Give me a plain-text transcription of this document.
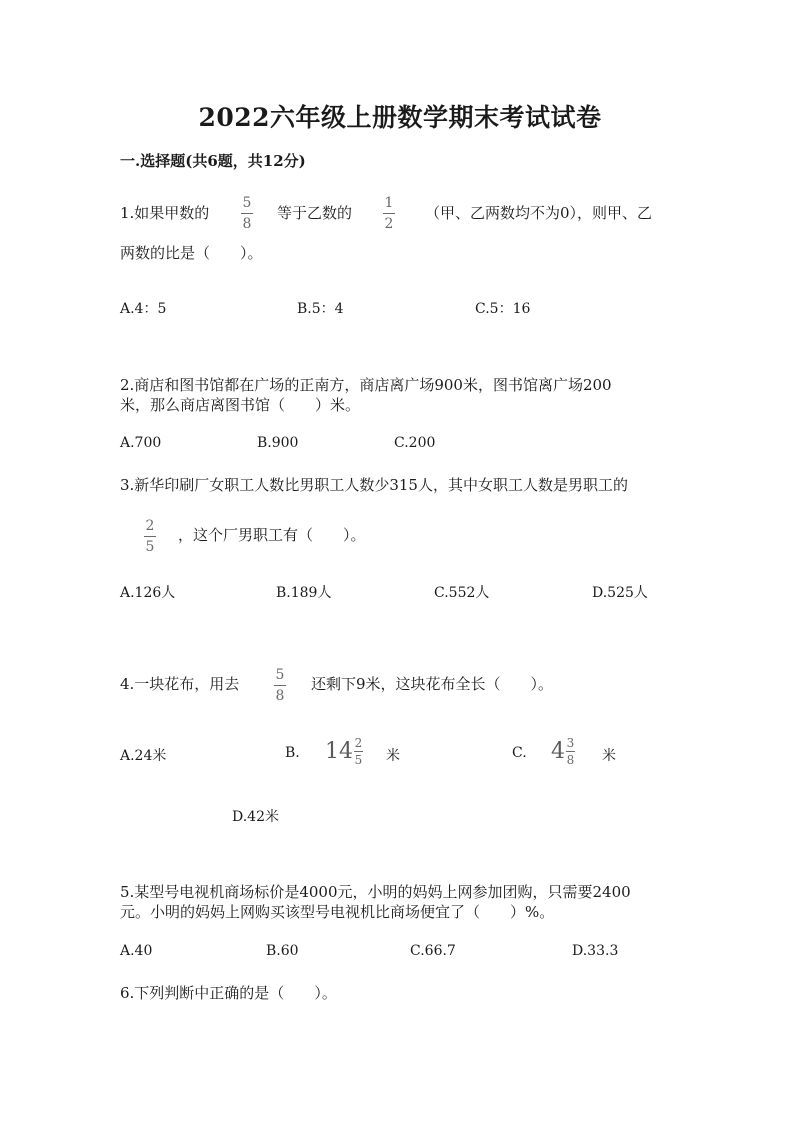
2022六年级上册数学期末考试试卷
一.选择题(共6题，共12分)
1.如果甲数的
5
8
等于乙数的
1
2
（甲、乙两数均不为0），则甲、乙
两数的比是（　　）。
A.4：5	B.5：4	C.5：16
2.商店和图书馆都在广场的正南方，商店离广场900米，图书馆离广场200
米，那么商店离图书馆（　　）米。
A.700	B.900	C.200
3.新华印刷厂女职工人数比男职工人数少315人，其中女职工人数是男职工的
2
5
，这个厂男职工有（　　）。
A.126人	B.189人	C.552人	D.525人
4.一块花布，用去	5
8
还剩下9米，这块花布全长（　　）。
A.24米	B. $14 \frac{2}{5}$ 米	C. $4 \frac{3}{8}$ 米
D.42米
5.某型号电视机商场标价是4000元，小明的妈妈上网参加团购，只需要2400
元。小明的妈妈上网购买该型号电视机比商场便宜了（　　）%。
A.40	B.60	C.66.7	D.33.3
6.下列判断中正确的是（　　）。
